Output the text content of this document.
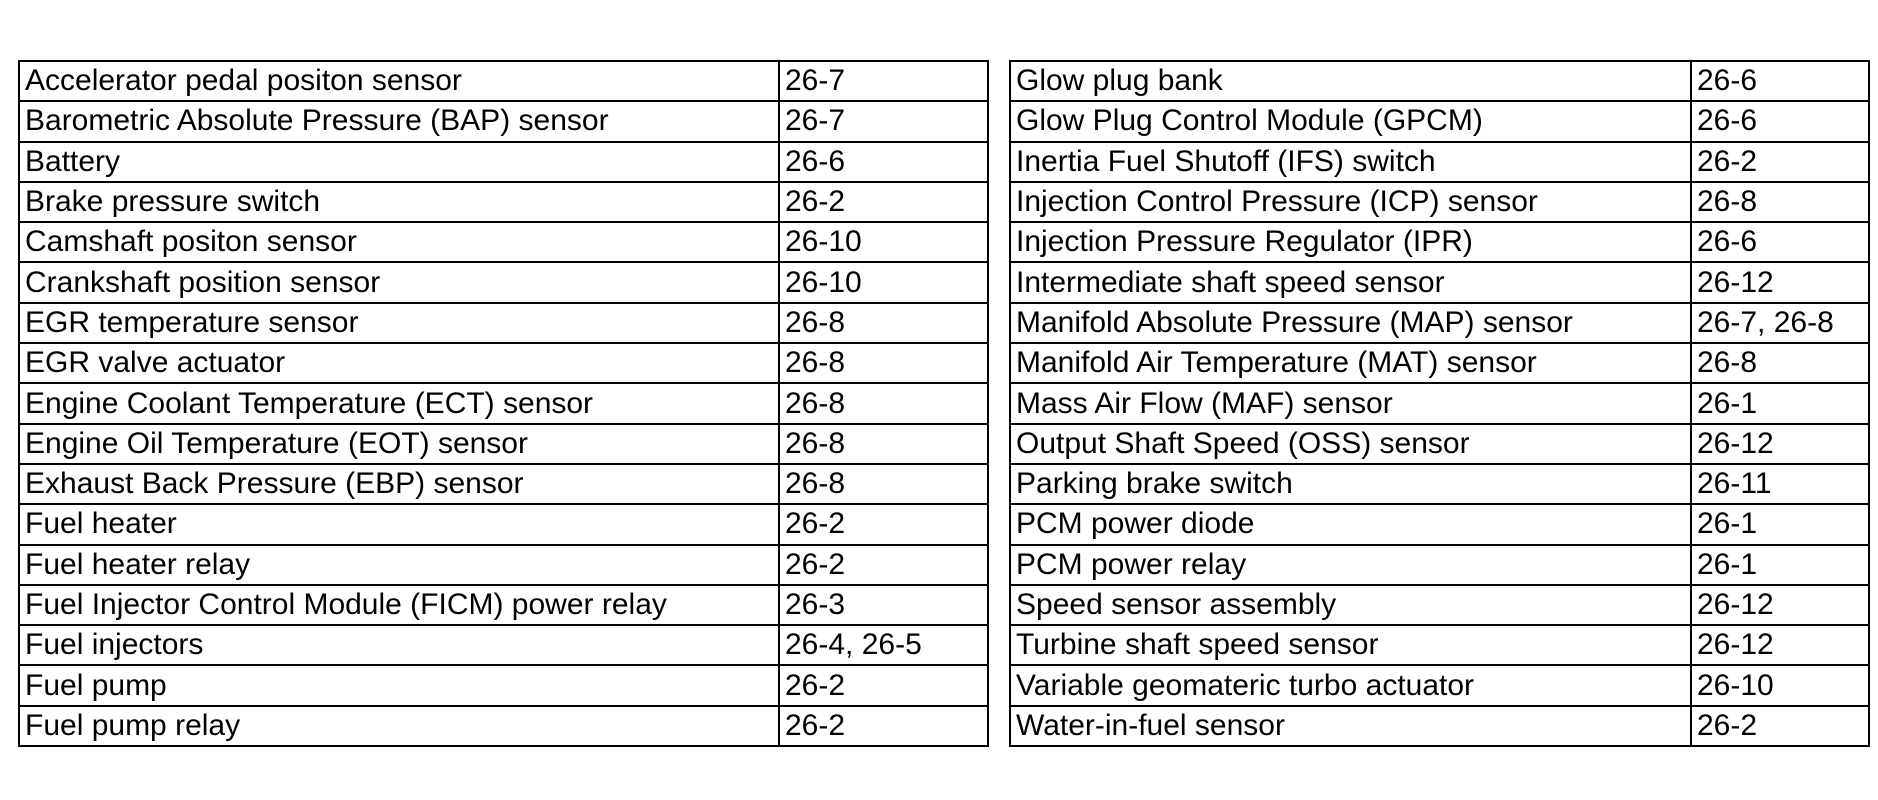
Accelerator pedal positon sensor	26-7
Barometric Absolute Pressure (BAP) sensor	26-7
Battery	26-6
Brake pressure switch	26-2
Camshaft positon sensor	26-10
Crankshaft position sensor	26-10
EGR temperature sensor	26-8
EGR valve actuator	26-8
Engine Coolant Temperature (ECT) sensor	26-8
Engine Oil Temperature (EOT) sensor	26-8
Exhaust Back Pressure (EBP) sensor	26-8
Fuel heater	26-2
Fuel heater relay	26-2
Fuel Injector Control Module (FICM) power relay	26-3
Fuel injectors	26-4, 26-5
Fuel pump	26-2
Fuel pump relay	26-2
Glow plug bank	26-6
Glow Plug Control Module (GPCM)	26-6
Inertia Fuel Shutoff (IFS) switch	26-2
Injection Control Pressure (ICP) sensor	26-8
Injection Pressure Regulator (IPR)	26-6
Intermediate shaft speed sensor	26-12
Manifold Absolute Pressure (MAP) sensor	26-7, 26-8
Manifold Air Temperature (MAT) sensor	26-8
Mass Air Flow (MAF) sensor	26-1
Output Shaft Speed (OSS) sensor	26-12
Parking brake switch	26-11
PCM power diode	26-1
PCM power relay	26-1
Speed sensor assembly	26-12
Turbine shaft speed sensor	26-12
Variable geomateric turbo actuator	26-10
Water-in-fuel sensor	26-2
